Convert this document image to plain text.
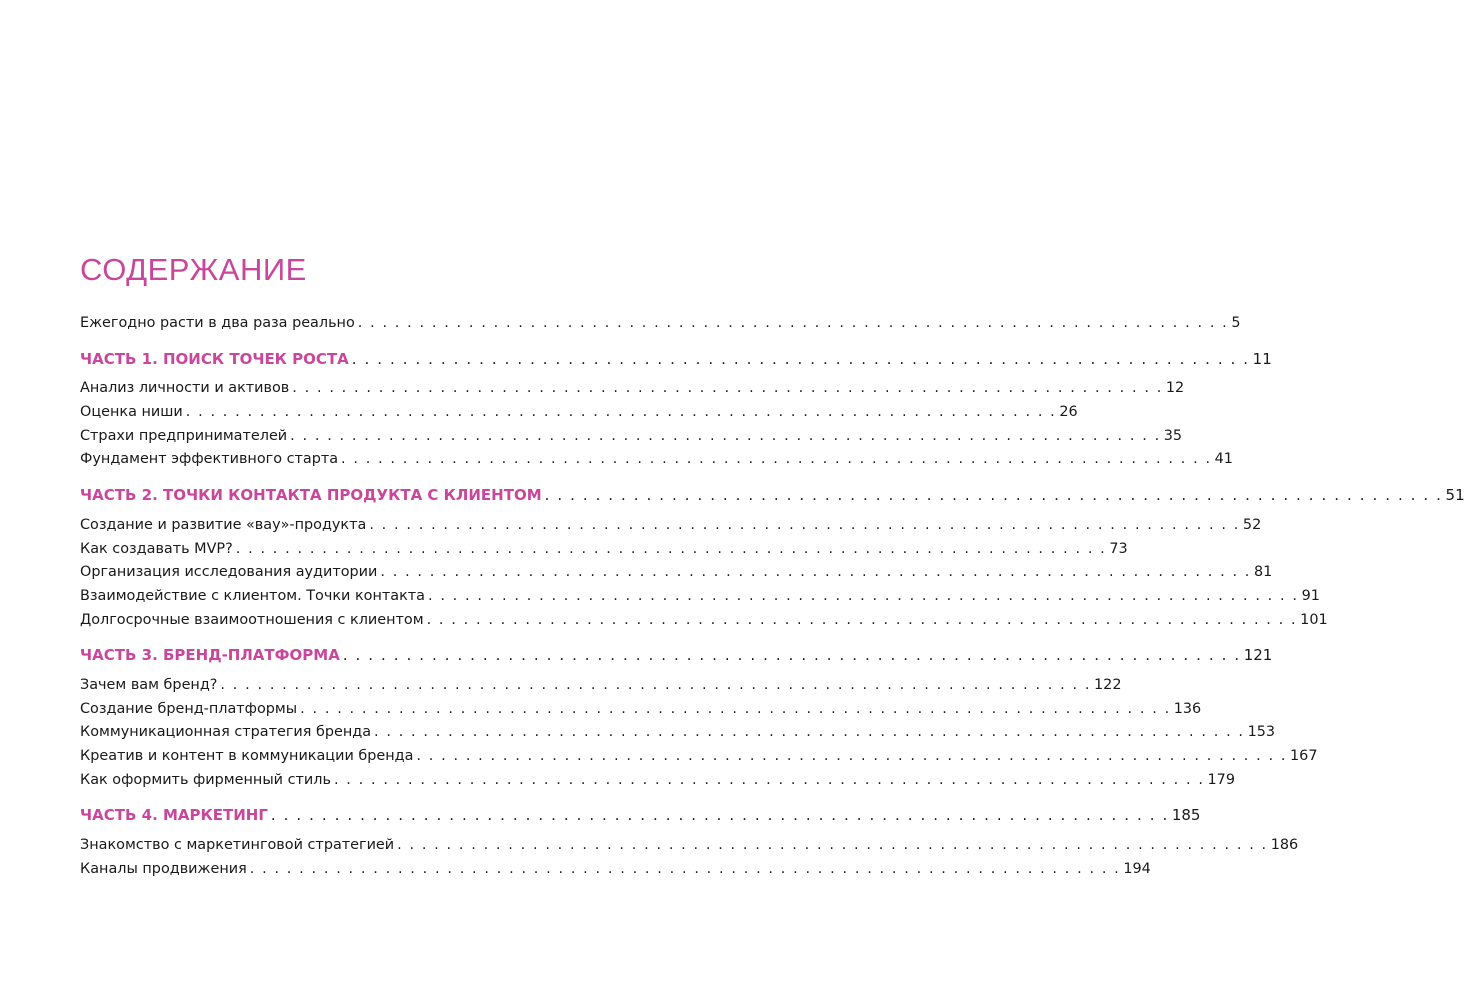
СОДЕРЖАНИЕ
Ежегодно расти в два раза реально . . . . . . . . . . . . . . . . . . . . . . . . . . . . . . . . . . . . . . . . . . . . . . . . . . . . . . . . . . . . . . . . . . . . . . . 5
ЧАСТЬ 1. ПОИСК ТОЧЕК РОСТА . . . . . . . . . . . . . . . . . . . . . . . . . . . . . . . . . . . . . . . . . . . . . . . . . . . . . . . . . . . . . . . . . . . . . . . 11
Анализ личности и активов . . . . . . . . . . . . . . . . . . . . . . . . . . . . . . . . . . . . . . . . . . . . . . . . . . . . . . . . . . . . . . . . . . . . . . . 12
Оценка ниши . . . . . . . . . . . . . . . . . . . . . . . . . . . . . . . . . . . . . . . . . . . . . . . . . . . . . . . . . . . . . . . . . . . . . . . 26
Страхи предпринимателей . . . . . . . . . . . . . . . . . . . . . . . . . . . . . . . . . . . . . . . . . . . . . . . . . . . . . . . . . . . . . . . . . . . . . . . 35
Фундамент эффективного старта . . . . . . . . . . . . . . . . . . . . . . . . . . . . . . . . . . . . . . . . . . . . . . . . . . . . . . . . . . . . . . . . . . . . . . . 41
ЧАСТЬ 2. ТОЧКИ КОНТАКТА ПРОДУКТА С КЛИЕНТОМ . . . . . . . . . . . . . . . . . . . . . . . . . . . . . . . . . . . . . . . . . . . . . . . . . . . . . . . . . . . . . . . . . . . . . . . 51
Создание и развитие «вау»-продукта . . . . . . . . . . . . . . . . . . . . . . . . . . . . . . . . . . . . . . . . . . . . . . . . . . . . . . . . . . . . . . . . . . . . . . . 52
Как создавать MVP? . . . . . . . . . . . . . . . . . . . . . . . . . . . . . . . . . . . . . . . . . . . . . . . . . . . . . . . . . . . . . . . . . . . . . . . 73
Организация исследования аудитории . . . . . . . . . . . . . . . . . . . . . . . . . . . . . . . . . . . . . . . . . . . . . . . . . . . . . . . . . . . . . . . . . . . . . . . 81
Взаимодействие с клиентом. Точки контакта . . . . . . . . . . . . . . . . . . . . . . . . . . . . . . . . . . . . . . . . . . . . . . . . . . . . . . . . . . . . . . . . . . . . . . . 91
Долгосрочные взаимоотношения с клиентом . . . . . . . . . . . . . . . . . . . . . . . . . . . . . . . . . . . . . . . . . . . . . . . . . . . . . . . . . . . . . . . . . . . . . . . 101
ЧАСТЬ 3. БРЕНД-ПЛАТФОРМА . . . . . . . . . . . . . . . . . . . . . . . . . . . . . . . . . . . . . . . . . . . . . . . . . . . . . . . . . . . . . . . . . . . . . . . 121
Зачем вам бренд? . . . . . . . . . . . . . . . . . . . . . . . . . . . . . . . . . . . . . . . . . . . . . . . . . . . . . . . . . . . . . . . . . . . . . . . 122
Создание бренд-платформы . . . . . . . . . . . . . . . . . . . . . . . . . . . . . . . . . . . . . . . . . . . . . . . . . . . . . . . . . . . . . . . . . . . . . . . 136
Коммуникационная стратегия бренда . . . . . . . . . . . . . . . . . . . . . . . . . . . . . . . . . . . . . . . . . . . . . . . . . . . . . . . . . . . . . . . . . . . . . . . 153
Креатив и контент в коммуникации бренда . . . . . . . . . . . . . . . . . . . . . . . . . . . . . . . . . . . . . . . . . . . . . . . . . . . . . . . . . . . . . . . . . . . . . . . 167
Как оформить фирменный стиль . . . . . . . . . . . . . . . . . . . . . . . . . . . . . . . . . . . . . . . . . . . . . . . . . . . . . . . . . . . . . . . . . . . . . . . 179
ЧАСТЬ 4. МАРКЕТИНГ . . . . . . . . . . . . . . . . . . . . . . . . . . . . . . . . . . . . . . . . . . . . . . . . . . . . . . . . . . . . . . . . . . . . . . . 185
Знакомство с маркетинговой стратегией . . . . . . . . . . . . . . . . . . . . . . . . . . . . . . . . . . . . . . . . . . . . . . . . . . . . . . . . . . . . . . . . . . . . . . . 186
Каналы продвижения . . . . . . . . . . . . . . . . . . . . . . . . . . . . . . . . . . . . . . . . . . . . . . . . . . . . . . . . . . . . . . . . . . . . . . . 194
